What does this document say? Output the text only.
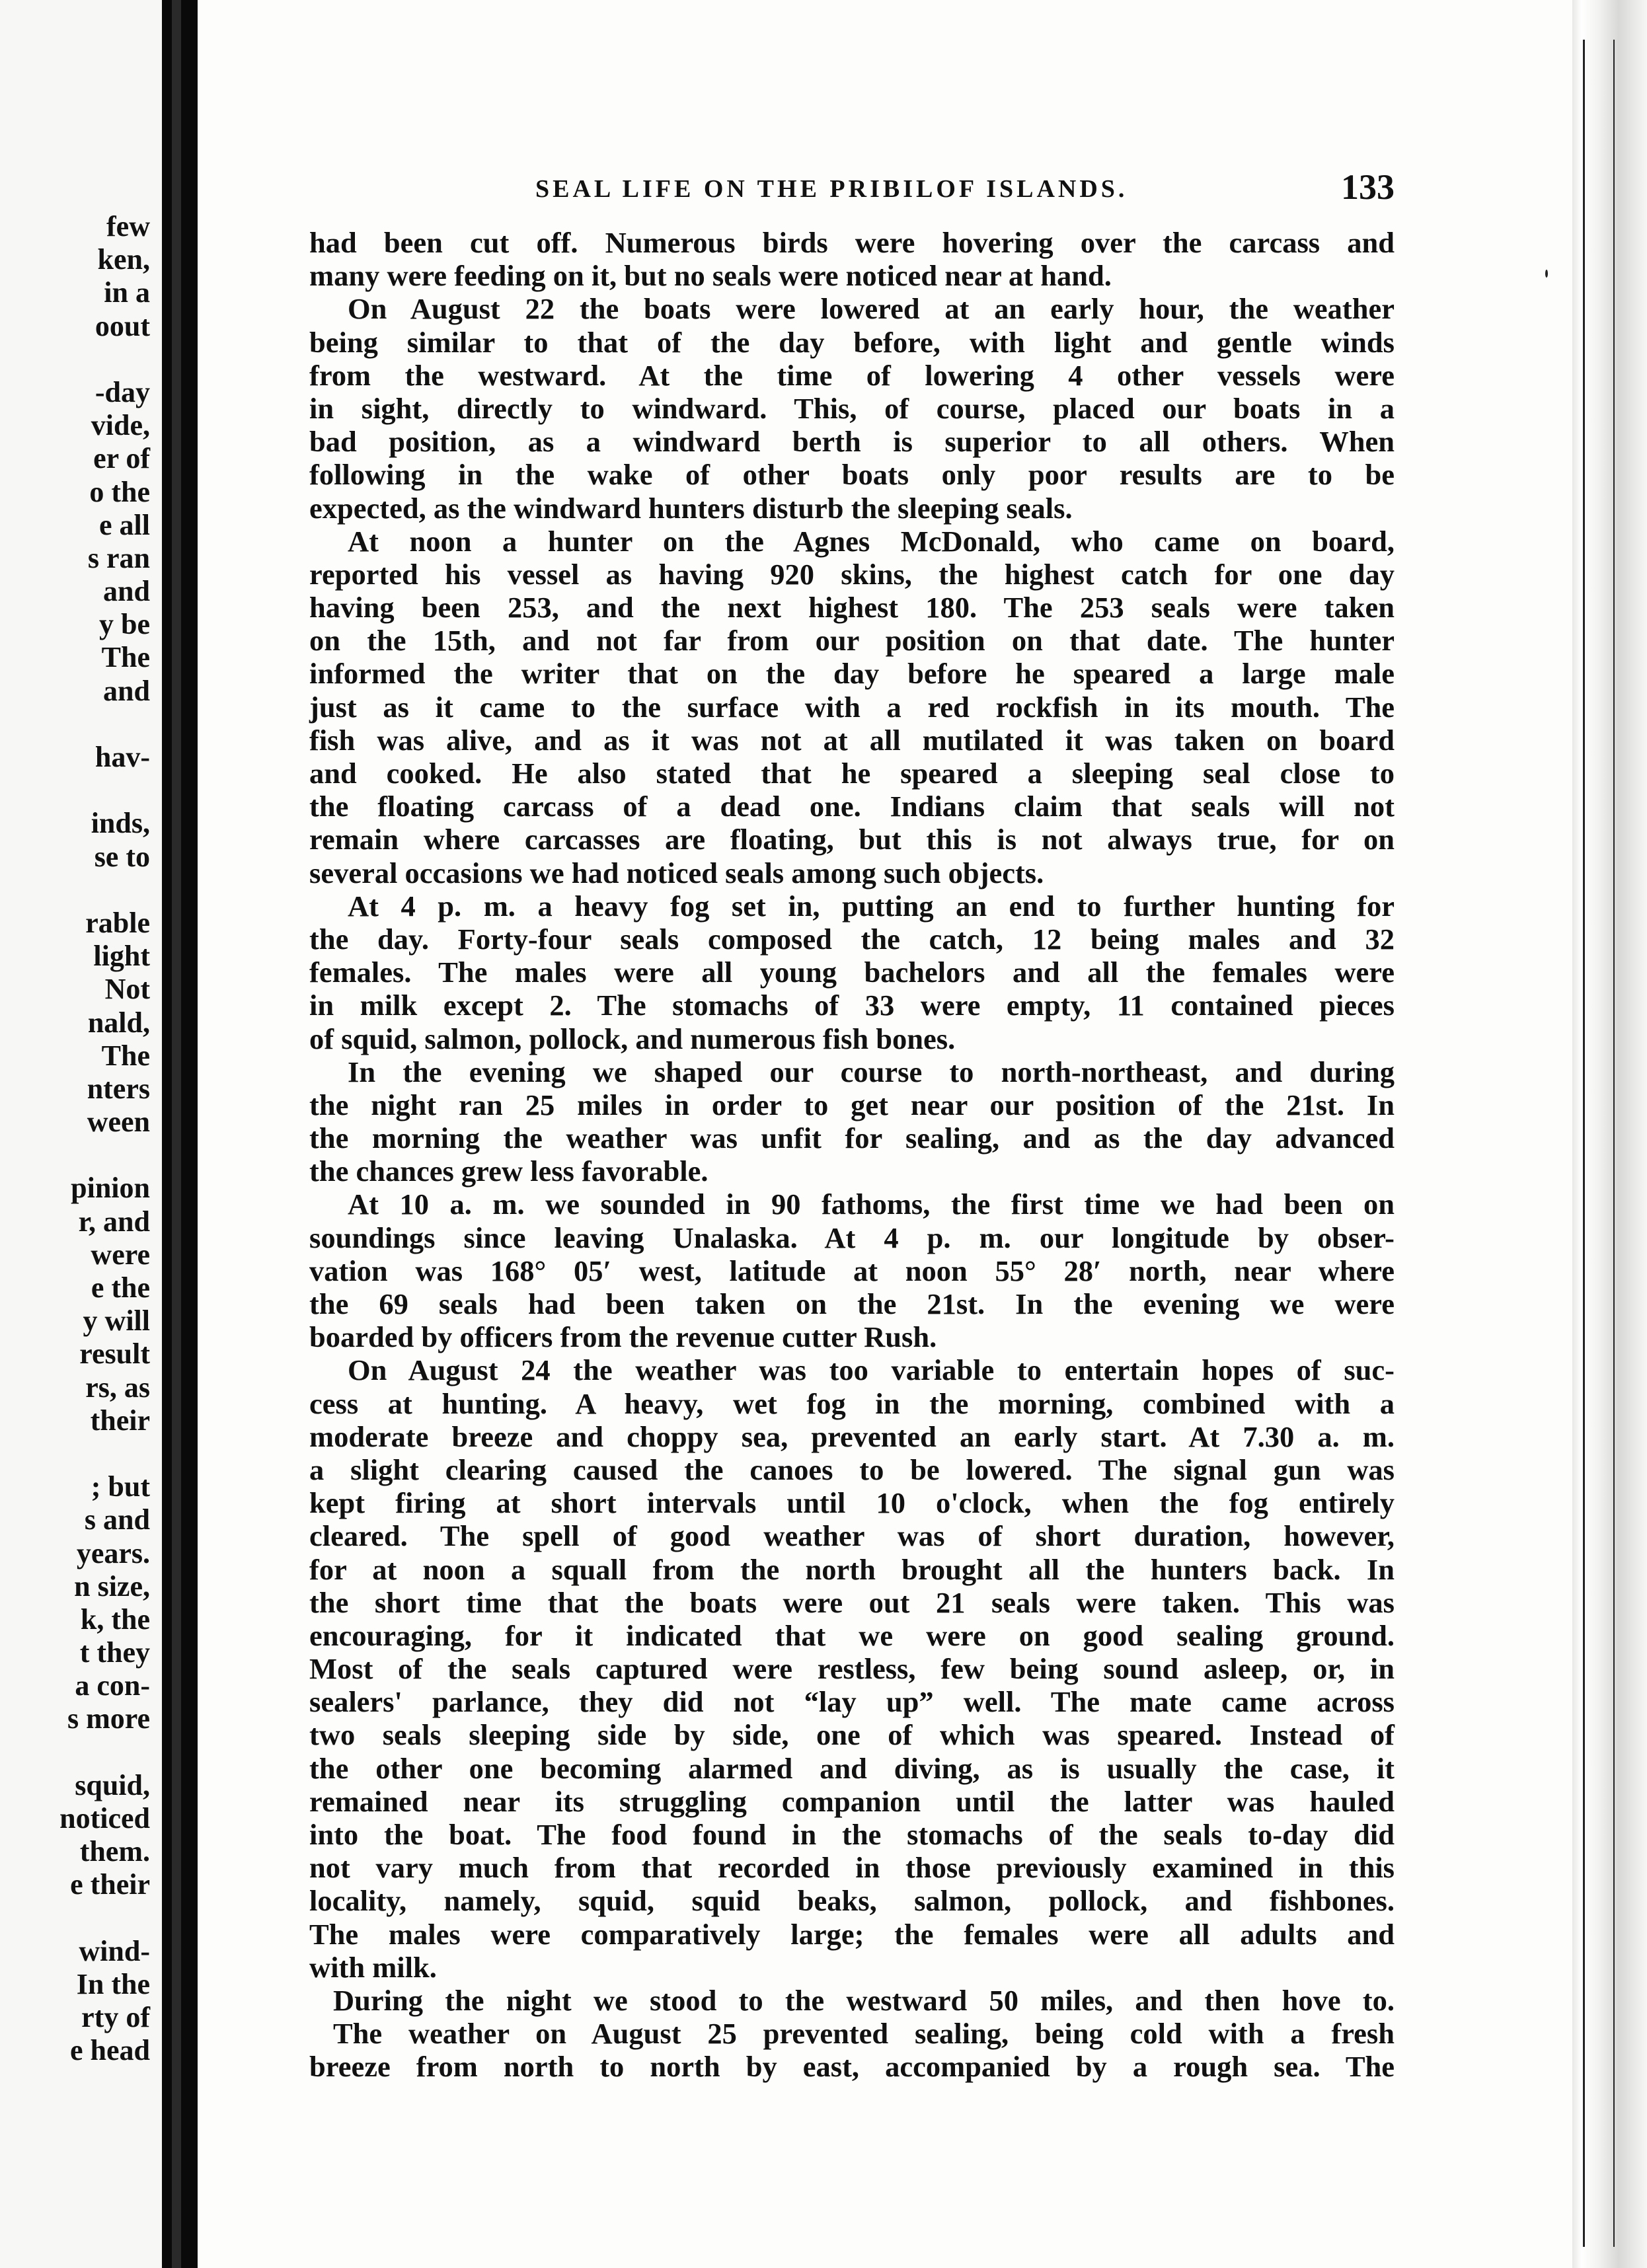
few
ken,
in a
oout
-day
vide,
er of
o the
e all
s ran
and
y be
The
and
hav-
inds,
se to
rable
light
Not
nald,
The
nters
ween
pinion
r, and
were
e the
y will
result
rs, as
their
; but
s and
years.
n size,
k, the
t they
a con-
s more
squid,
noticed
them.
e their
wind-
In the
rty of
e head
SEAL LIFE ON THE PRIBILOF ISLANDS.	133
had been cut off. Numerous birds were hovering over the carcass and
many were feeding on it, but no seals were noticed near at hand.
On August 22 the boats were lowered at an early hour, the weather
being similar to that of the day before, with light and gentle winds
from the westward. At the time of lowering 4 other vessels were
in sight, directly to windward. This, of course, placed our boats in a
bad position, as a windward berth is superior to all others. When
following in the wake of other boats only poor results are to be
expected, as the windward hunters disturb the sleeping seals.
At noon a hunter on the Agnes McDonald, who came on board,
reported his vessel as having 920 skins, the highest catch for one day
having been 253, and the next highest 180. The 253 seals were taken
on the 15th, and not far from our position on that date. The hunter
informed the writer that on the day before he speared a large male
just as it came to the surface with a red rockfish in its mouth. The
fish was alive, and as it was not at all mutilated it was taken on board
and cooked. He also stated that he speared a sleeping seal close to
the floating carcass of a dead one. Indians claim that seals will not
remain where carcasses are floating, but this is not always true, for on
several occasions we had noticed seals among such objects.
At 4 p. m. a heavy fog set in, putting an end to further hunting for
the day. Forty-four seals composed the catch, 12 being males and 32
females. The males were all young bachelors and all the females were
in milk except 2. The stomachs of 33 were empty, 11 contained pieces
of squid, salmon, pollock, and numerous fish bones.
In the evening we shaped our course to north-northeast, and during
the night ran 25 miles in order to get near our position of the 21st. In
the morning the weather was unfit for sealing, and as the day advanced
the chances grew less favorable.
At 10 a. m. we sounded in 90 fathoms, the first time we had been on
soundings since leaving Unalaska. At 4 p. m. our longitude by obser-
vation was 168° 05′ west, latitude at noon 55° 28′ north, near where
the 69 seals had been taken on the 21st. In the evening we were
boarded by officers from the revenue cutter Rush.
On August 24 the weather was too variable to entertain hopes of suc-
cess at hunting. A heavy, wet fog in the morning, combined with a
moderate breeze and choppy sea, prevented an early start. At 7.30 a. m.
a slight clearing caused the canoes to be lowered. The signal gun was
kept firing at short intervals until 10 o'clock, when the fog entirely
cleared. The spell of good weather was of short duration, however,
for at noon a squall from the north brought all the hunters back. In
the short time that the boats were out 21 seals were taken. This was
encouraging, for it indicated that we were on good sealing ground.
Most of the seals captured were restless, few being sound asleep, or, in
sealers' parlance, they did not “lay up” well. The mate came across
two seals sleeping side by side, one of which was speared. Instead of
the other one becoming alarmed and diving, as is usually the case, it
remained near its struggling companion until the latter was hauled
into the boat. The food found in the stomachs of the seals to-day did
not vary much from that recorded in those previously examined in this
locality, namely, squid, squid beaks, salmon, pollock, and fishbones.
The males were comparatively large; the females were all adults and
with milk.
During the night we stood to the westward 50 miles, and then hove to.
The weather on August 25 prevented sealing, being cold with a fresh
breeze from north to north by east, accompanied by a rough sea. The
